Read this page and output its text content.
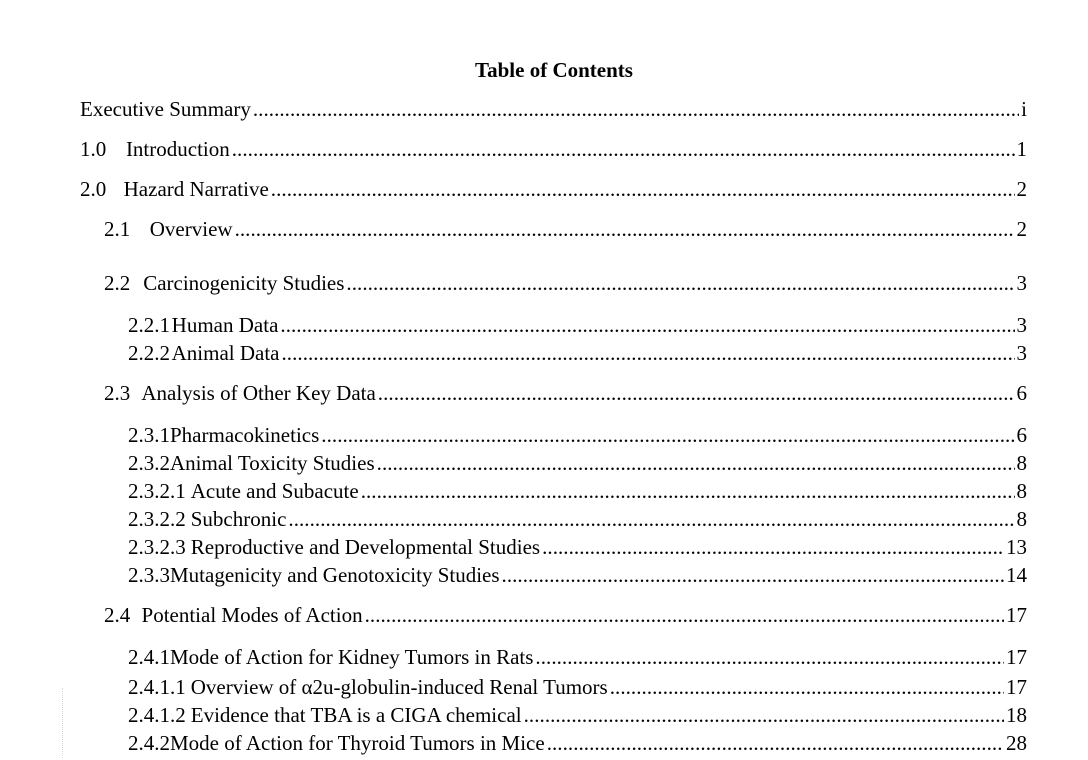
Table of Contents
Executive Summary . . .	i
1.0 Introduction . . .	1
2.0 Hazard Narrative . . .	2
2.1 Overview . . .	2
2.2 Carcinogenicity Studies . . .	3
2.2.1 Human Data . . .	3
2.2.2 Animal Data . . .	3
2.3 Analysis of Other Key Data . . .	6
2.3.1 Pharmacokinetics . . .	6
2.3.2 Animal Toxicity Studies . . .	8
2.3.2.1 Acute and Subacute . . .	8
2.3.2.2 Subchronic . . .	8
2.3.2.3 Reproductive and Developmental Studies . . .	13
2.3.3 Mutagenicity and Genotoxicity Studies . . .	14
2.4 Potential Modes of Action . . .	17
2.4.1 Mode of Action for Kidney Tumors in Rats . . .	17
2.4.1.1 Overview of α2u-globulin-induced Renal Tumors . . .	17
2.4.1.2 Evidence that TBA is a CIGA chemical . . .	18
2.4.2 Mode of Action for Thyroid Tumors in Mice . . .	28
